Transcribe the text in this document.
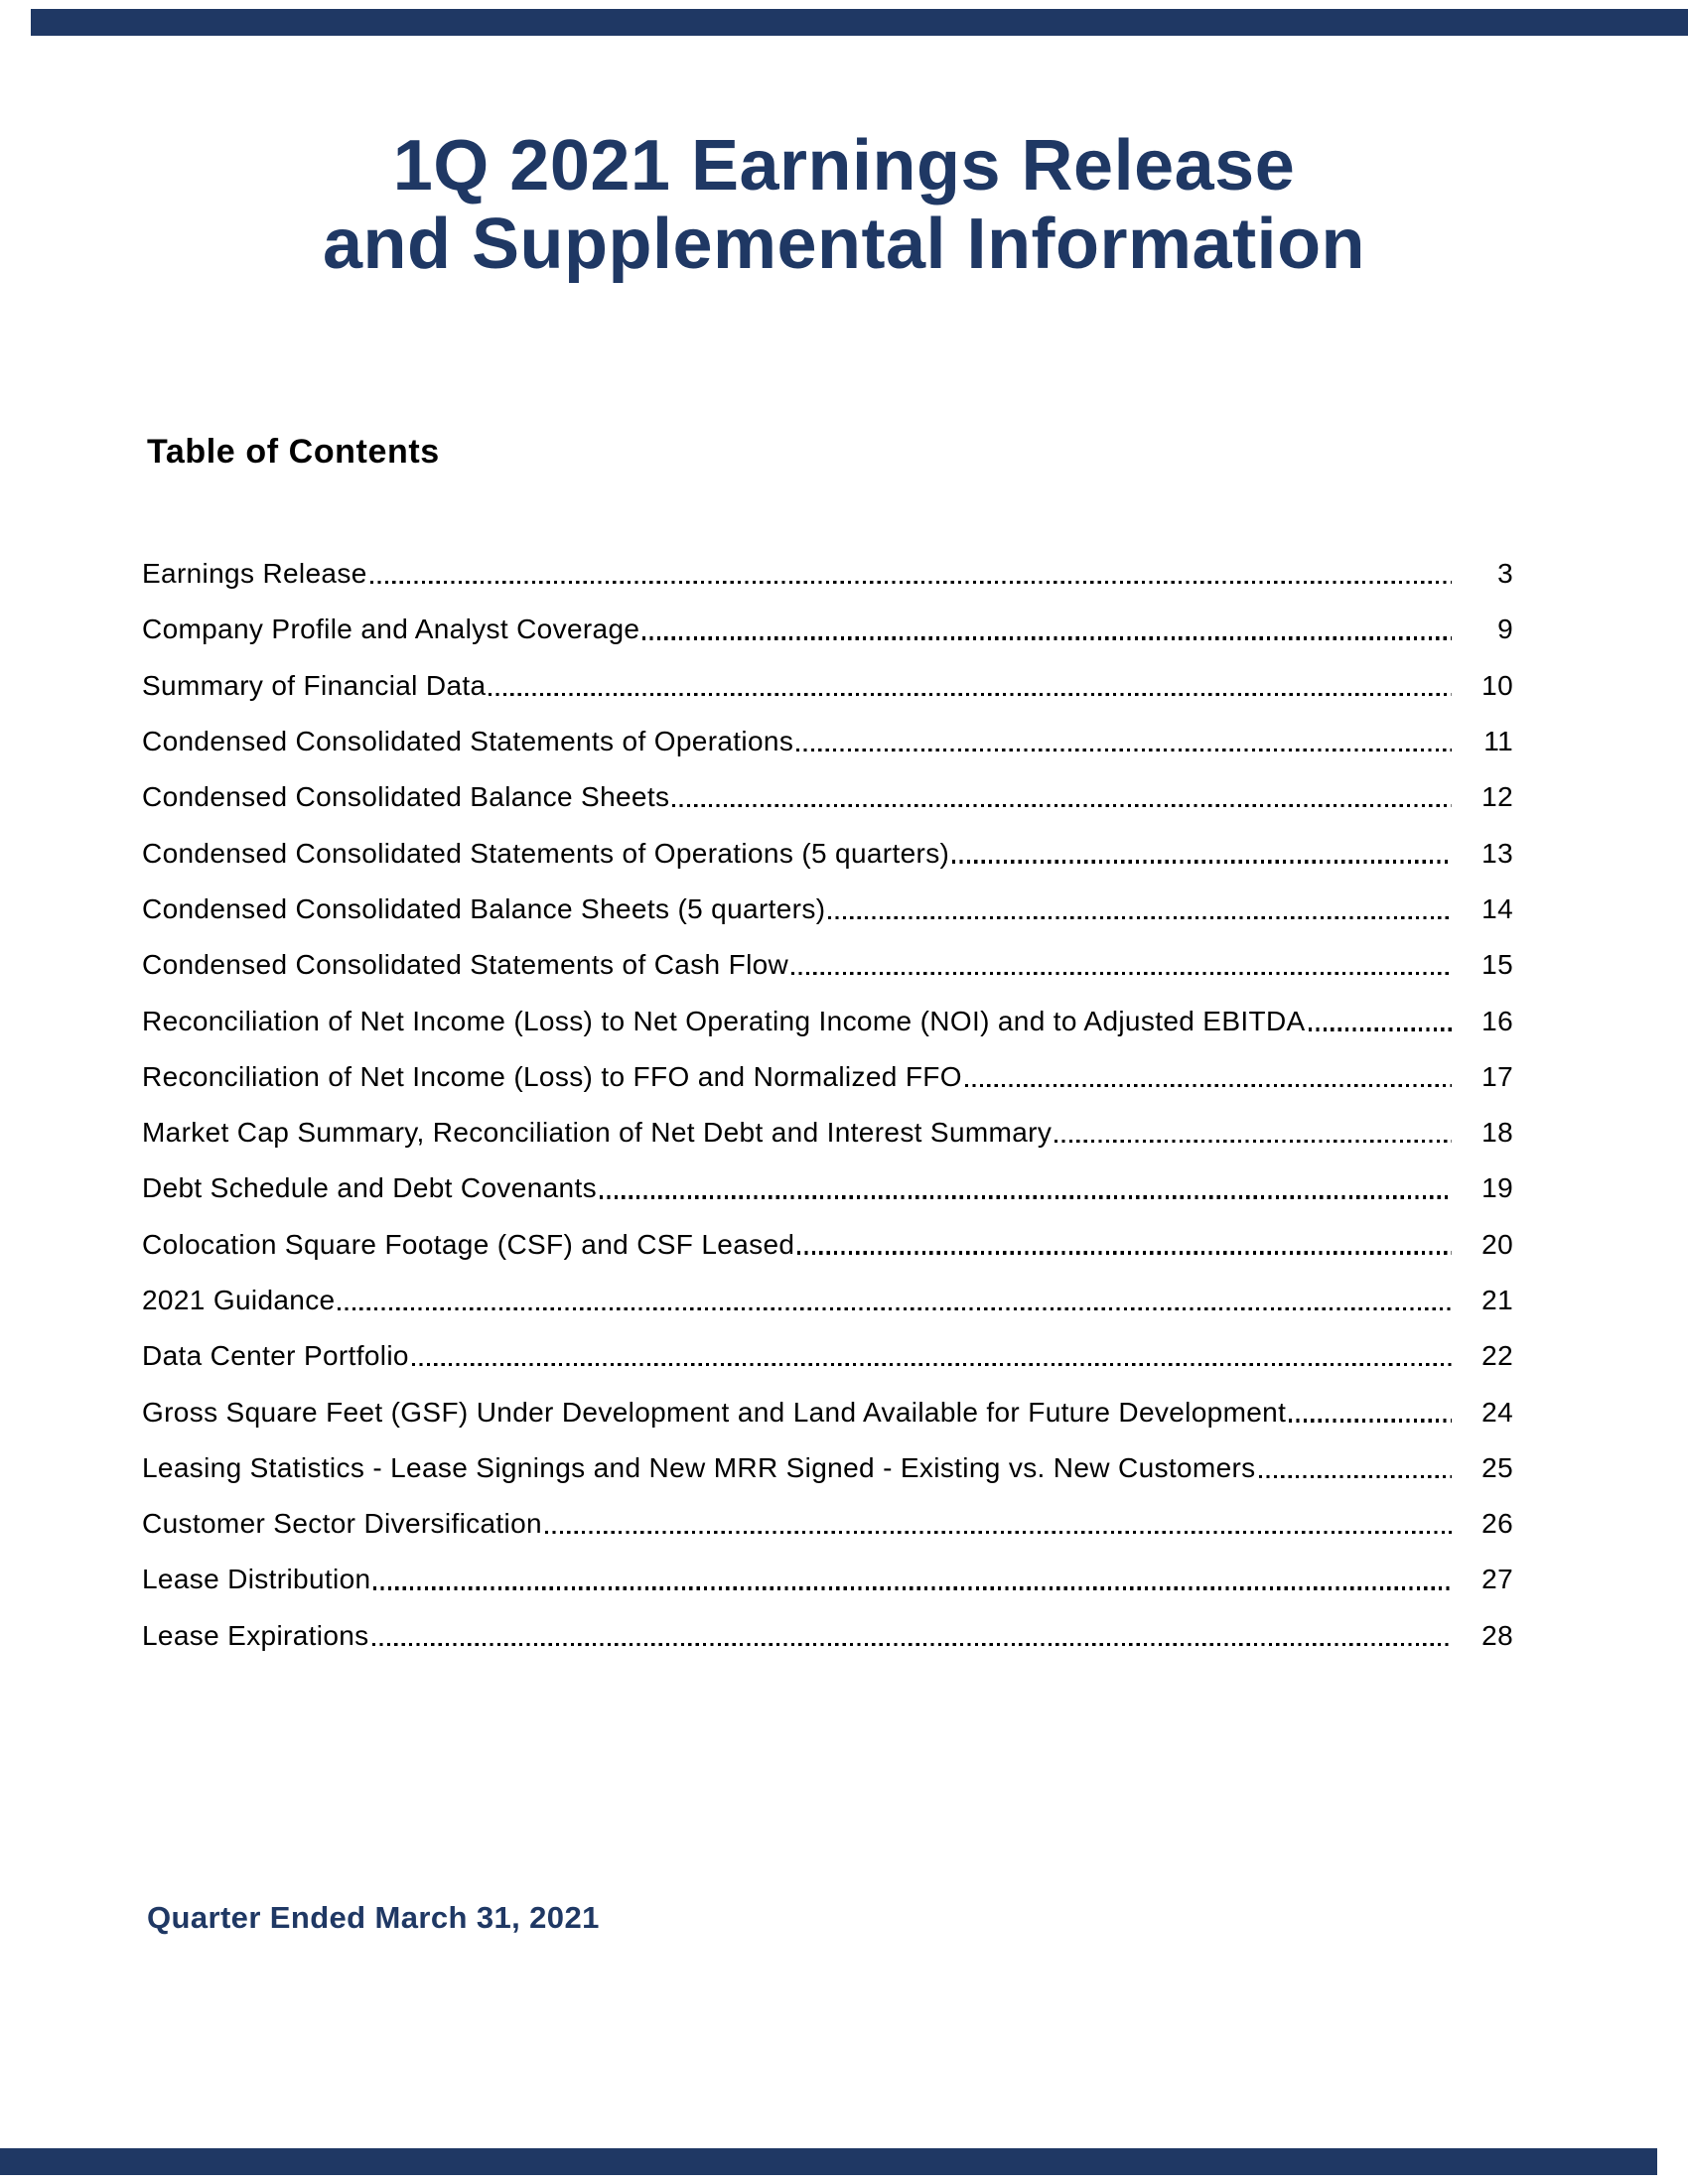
1Q 2021 Earnings Release
and Supplemental Information
Table of Contents
Earnings Release	3
Company Profile and Analyst Coverage	9
Summary of Financial Data	10
Condensed Consolidated Statements of Operations	11
Condensed Consolidated Balance Sheets	12
Condensed Consolidated Statements of Operations (5 quarters)	13
Condensed Consolidated Balance Sheets (5 quarters)	14
Condensed Consolidated Statements of Cash Flow	15
Reconciliation of Net Income (Loss) to Net Operating Income (NOI) and to Adjusted EBITDA	16
Reconciliation of Net Income (Loss) to FFO and Normalized FFO	17
Market Cap Summary, Reconciliation of Net Debt and Interest Summary	18
Debt Schedule and Debt Covenants	19
Colocation Square Footage (CSF) and CSF Leased	20
2021 Guidance	21
Data Center Portfolio	22
Gross Square Feet (GSF) Under Development and Land Available for Future Development	24
Leasing Statistics - Lease Signings and New MRR Signed - Existing vs. New Customers	25
Customer Sector Diversification	26
Lease Distribution	27
Lease Expirations	28
Quarter Ended March 31, 2021
